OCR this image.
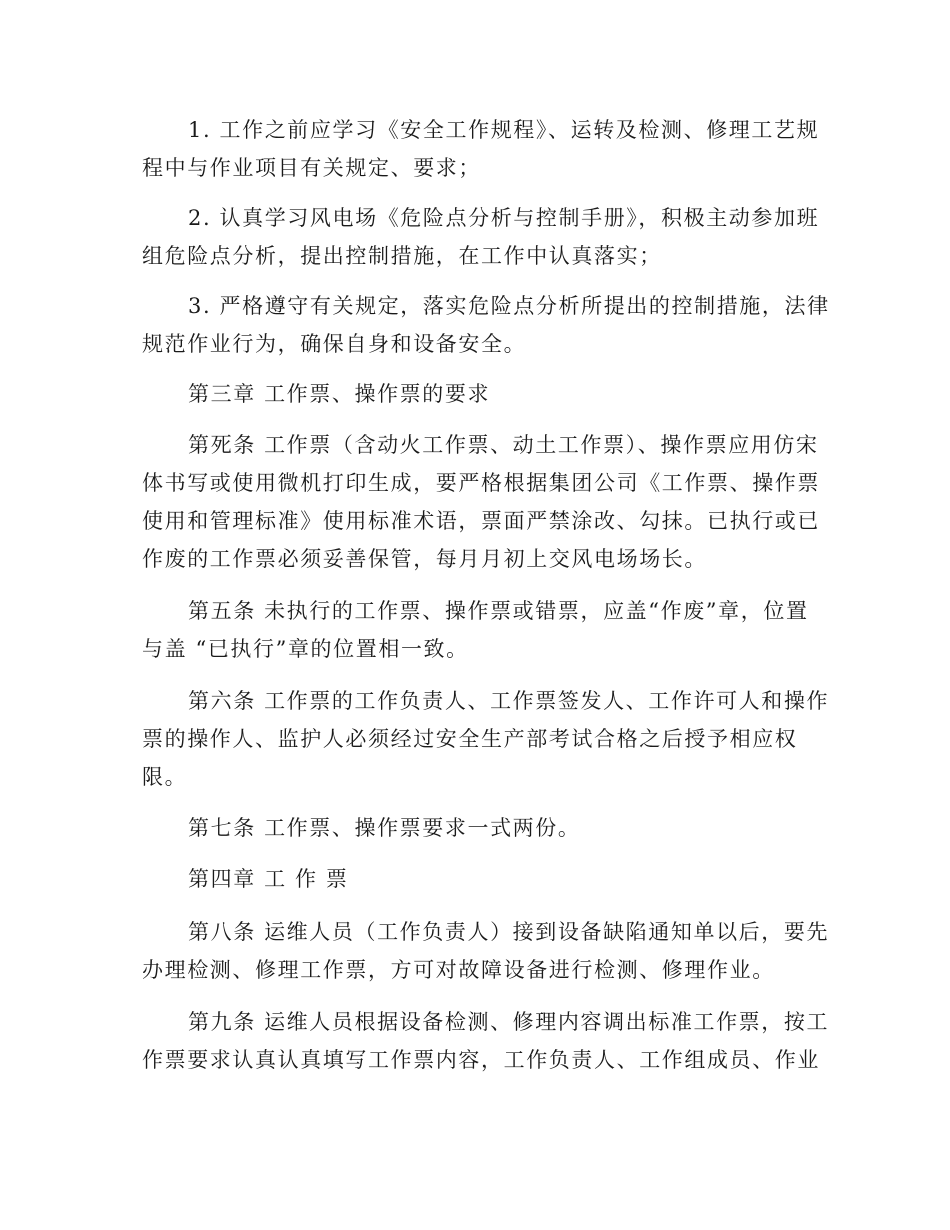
1. 工作之前应学习《安全工作规程》、运转及检测、修理工艺规
程中与作业项目有关规定、要求；

2. 认真学习风电场《危险点分析与控制手册》，积极主动参加班
组危险点分析，提出控制措施，在工作中认真落实；

3. 严格遵守有关规定，落实危险点分析所提出的控制措施，法律
规范作业行为，确保自身和设备安全。

第三章 工作票、操作票的要求

第死条 工作票（含动火工作票、动土工作票）、操作票应用仿宋
体书写或使用微机打印生成，要严格根据集团公司《工作票、操作票
使用和管理标准》使用标准术语，票面严禁涂改、勾抹。已执行或已
作废的工作票必须妥善保管，每月月初上交风电场场长。

第五条 未执行的工作票、操作票或错票，应盖“作废”章，位置
与盖 “已执行”章的位置相一致。

第六条 工作票的工作负责人、工作票签发人、工作许可人和操作
票的操作人、监护人必须经过安全生产部考试合格之后授予相应权
限。

第七条 工作票、操作票要求一式两份。

第四章 工 作 票

第八条 运维人员（工作负责人）接到设备缺陷通知单以后，要先
办理检测、修理工作票，方可对故障设备进行检测、修理作业。

第九条 运维人员根据设备检测、修理内容调出标准工作票，按工
作票要求认真认真填写工作票内容，工作负责人、工作组成员、作业
